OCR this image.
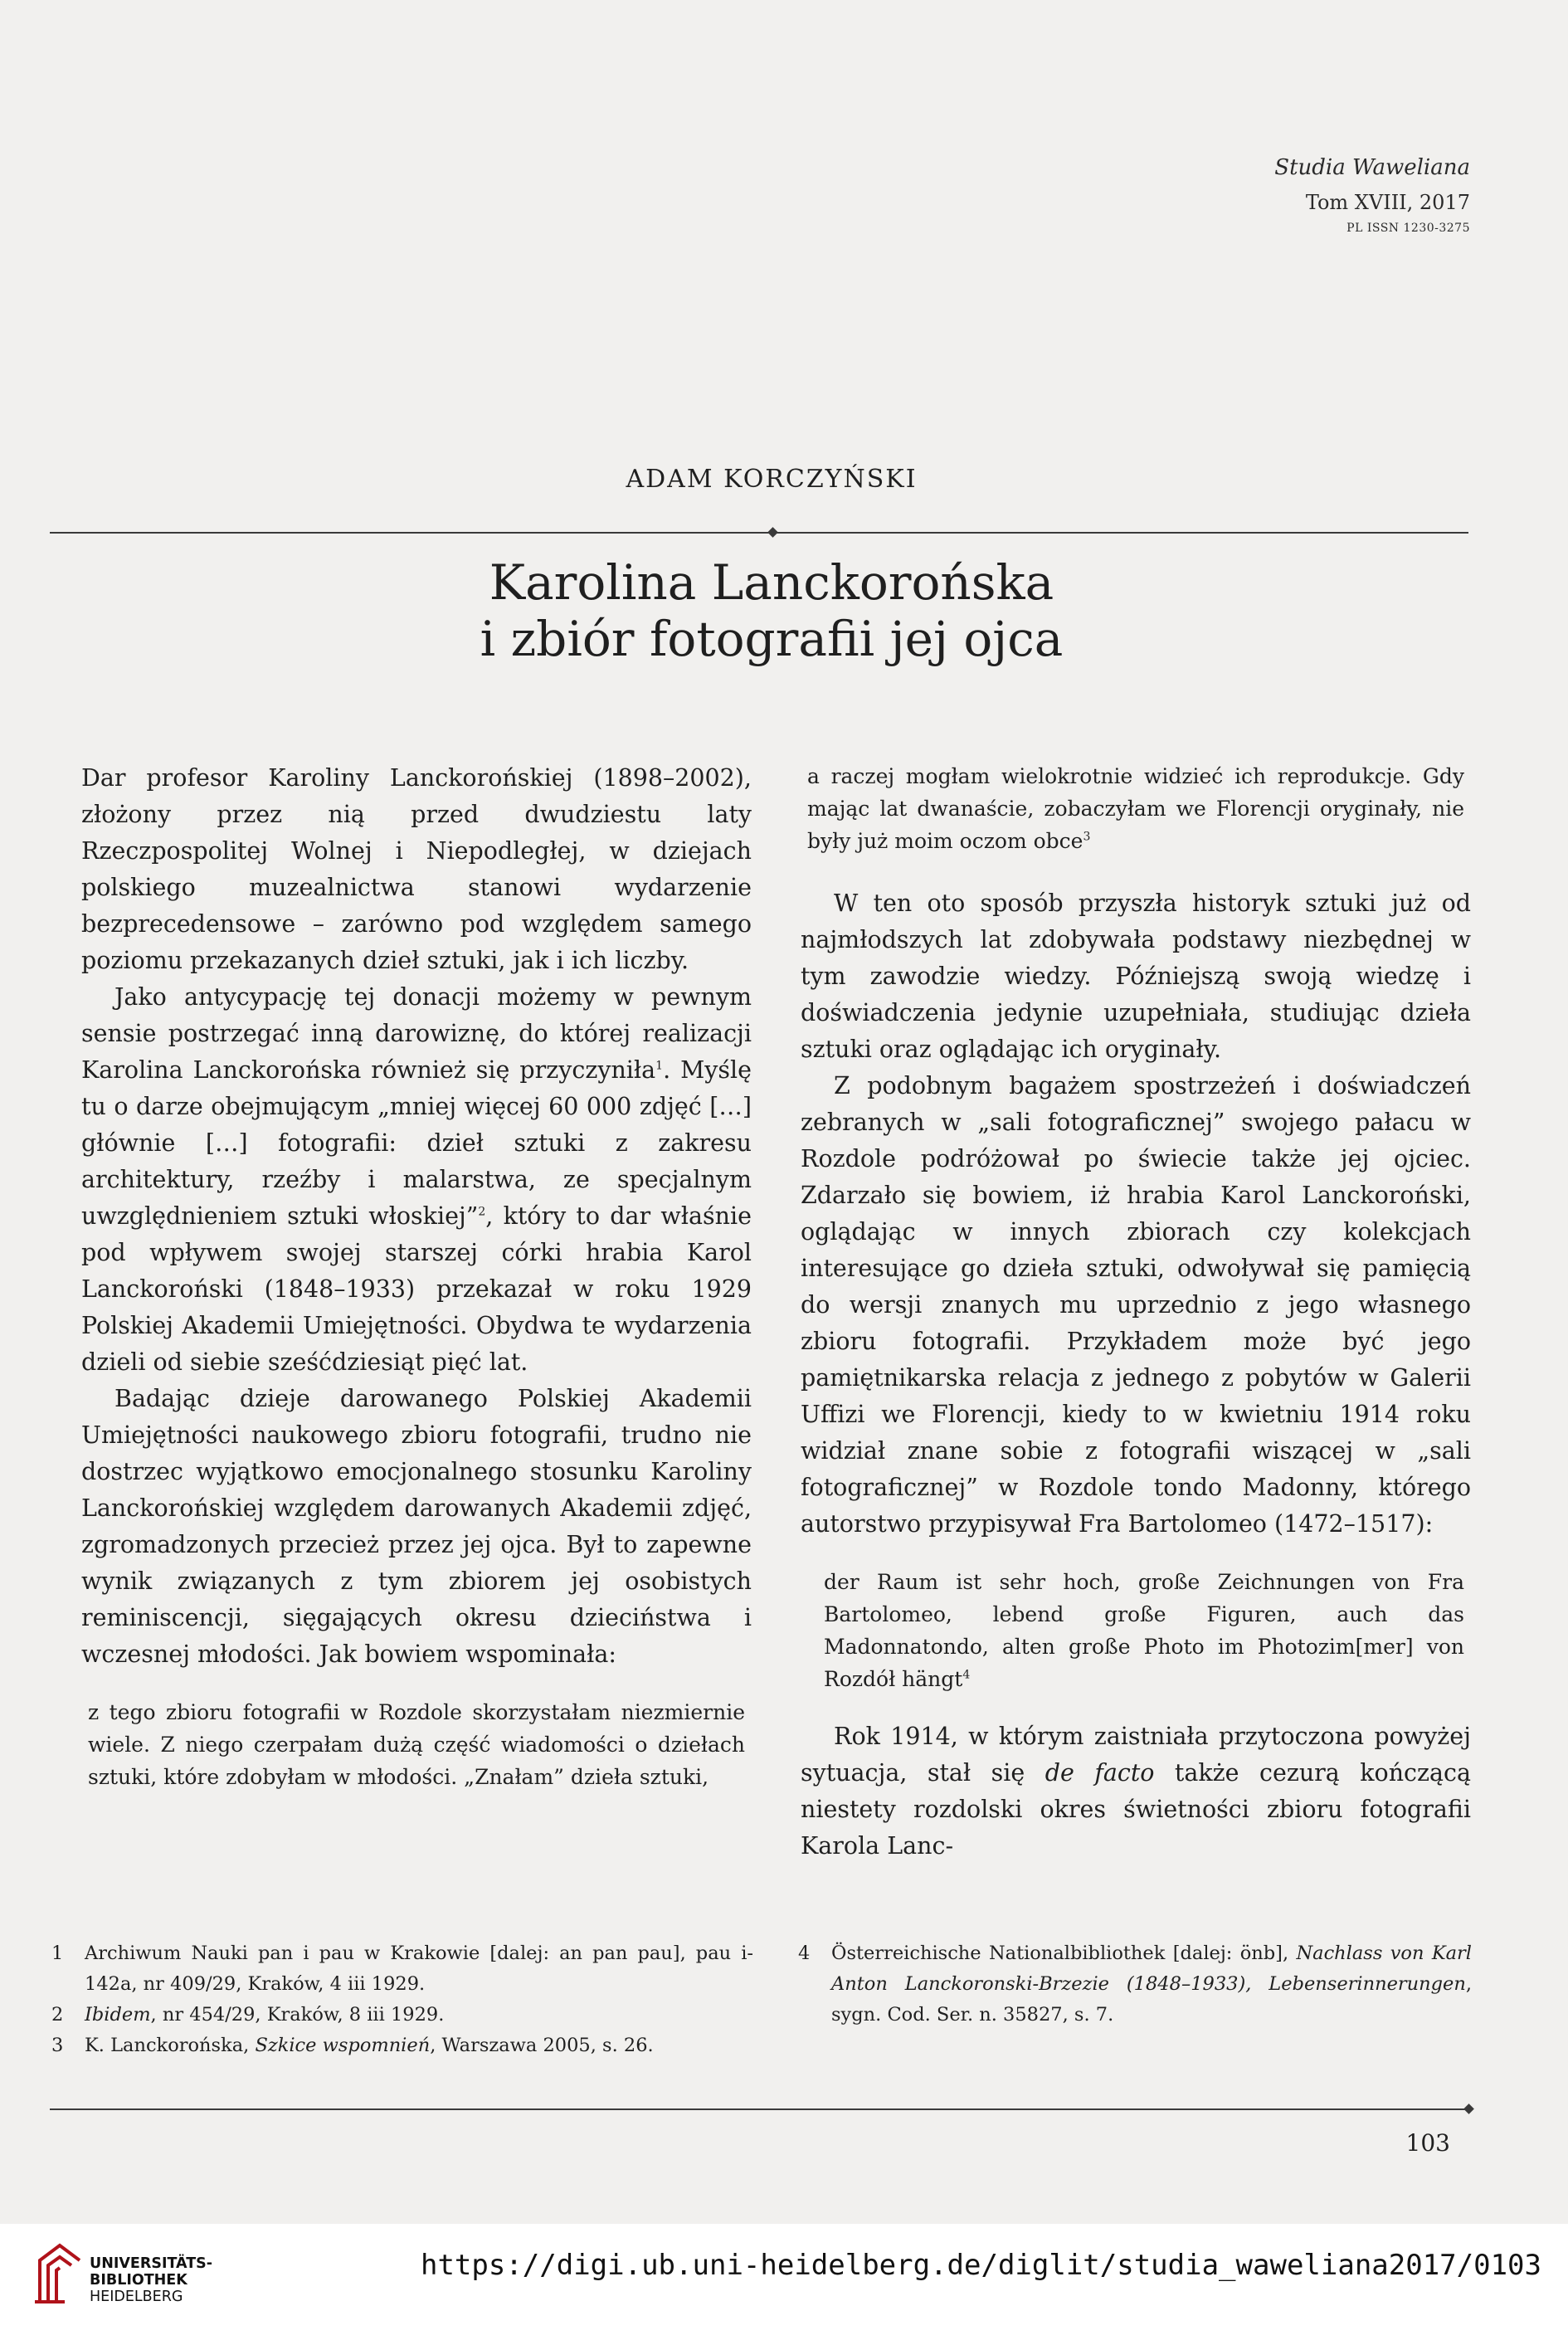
Studia Waweliana
Tom XVIII, 2017
PL ISSN 1230-3275
ADAM KORCZYŃSKI
Karolina Lanckorońska
i zbiór fotografii jej ojca

Dar profesor Karoliny Lanckorońskiej (1898–2002), złożony przez nią przed dwudziestu laty Rzeczpospolitej Wolnej i Niepodległej, w dziejach polskiego muzealnictwa stanowi wydarzenie bezprecedensowe – zarówno pod względem samego poziomu przekazanych dzieł sztuki, jak i ich liczby.

Jako antycypację tej donacji możemy w pewnym sensie postrzegać inną darowiznę, do której realizacji Karolina Lanckorońska również się przyczyniła$^1$. Myślę tu o darze obejmującym „mniej więcej 60 000 zdjęć […] głównie […] fotografii: dzieł sztuki z zakresu architektury, rzeźby i malarstwa, ze specjalnym uwzględnieniem sztuki włoskiej”$^2$, który to dar właśnie pod wpływem swojej starszej córki hrabia Karol Lanckoroński (1848–1933) przekazał w roku 1929 Polskiej Akademii Umiejętności. Obydwa te wydarzenia dzieli od siebie sześćdziesiąt pięć lat.

Badając dzieje darowanego Polskiej Akademii Umiejętności naukowego zbioru fotografii, trudno nie dostrzec wyjątkowo emocjonalnego stosunku Karoliny Lanckorońskiej względem darowanych Akademii zdjęć, zgromadzonych przecież przez jej ojca. Był to zapewne wynik związanych z tym zbiorem jej osobistych reminiscencji, sięgających okresu dzieciństwa i wczesnej młodości. Jak bowiem wspominała:

z tego zbioru fotografii w Rozdole skorzystałam niezmiernie wiele. Z niego czerpałam dużą część wiadomości o dziełach sztuki, które zdobyłam w młodości. „Znałam” dzieła sztuki,

a raczej mogłam wielokrotnie widzieć ich reprodukcje. Gdy mając lat dwanaście, zobaczyłam we Florencji oryginały, nie były już moim oczom obce$^3$

W ten oto sposób przyszła historyk sztuki już od najmłodszych lat zdobywała podstawy niezbędnej w tym zawodzie wiedzy. Późniejszą swoją wiedzę i doświadczenia jedynie uzupełniała, studiując dzieła sztuki oraz oglądając ich oryginały.

Z podobnym bagażem spostrzeżeń i doświadczeń zebranych w „sali fotograficznej” swojego pałacu w Rozdole podróżował po świecie także jej ojciec. Zdarzało się bowiem, iż hrabia Karol Lanckoroński, oglądając w innych zbiorach czy kolekcjach interesujące go dzieła sztuki, odwoływał się pamięcią do wersji znanych mu uprzednio z jego własnego zbioru fotografii. Przykładem może być jego pamiętnikarska relacja z jednego z pobytów w Galerii Uffizi we Florencji, kiedy to w kwietniu 1914 roku widział znane sobie z fotografii wiszącej w „sali fotograficznej” w Rozdole tondo Madonny, którego autorstwo przypisywał Fra Bartolomeo (1472–1517):

der Raum ist sehr hoch, große Zeichnungen von Fra Bartolomeo, lebend große Figuren, auch das Madonnatondo, alten große Photo im Photozim[mer] von Rozdół hängt$^4$

Rok 1914, w którym zaistniała przytoczona powyżej sytuacja, stał się de facto także cezurą kończącą niestety rozdolski okres świetności zbioru fotografii Karola Lanc-

1	Archiwum Nauki pan i pau w Krakowie [dalej: an pan pau], pau i-142a, nr 409/29, Kraków, 4 iii 1929.
2	Ibidem, nr 454/29, Kraków, 8 iii 1929.
3	K. Lanckorońska, Szkice wspomnień, Warszawa 2005, s. 26.
4	Österreichische Nationalbibliothek [dalej: önb], Nachlass von Karl Anton Lanckoronski-Brzezie (1848–1933), Lebenserinnerungen, sygn. Cod. Ser. n. 35827, s. 7.
103
UNIVERSITÄTS-
BIBLIOTHEK
HEIDELBERG
https://digi.ub.uni-heidelberg.de/diglit/studia_waweliana2017/0103
